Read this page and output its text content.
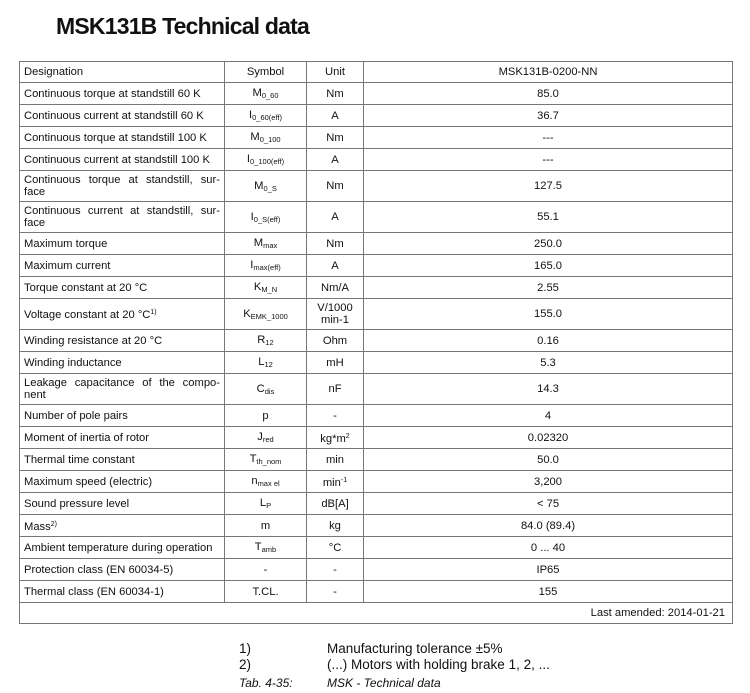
MSK131B Technical data
Designation	Symbol	Unit	MSK131B-0200-NN
Continuous torque at standstill 60 K	$M_{0\_60}$	Nm	85.0
Continuous current at standstill 60 K	$I_{0\_60(eff)}$	A	36.7
Continuous torque at standstill 100 K	$M_{0\_100}$	Nm	---
Continuous current at standstill 100 K	$I_{0\_100(eff)}$	A	---
Continuous torque at standstill, sur-face	$M_{0\_S}$	Nm	127.5
Continuous current at standstill, sur-face	$I_{0\_S(eff)}$	A	55.1
Maximum torque	$M_{max}$	Nm	250.0
Maximum current	$I_{max(eff)}$	A	165.0
Torque constant at 20 °C	$K_{M\_N}$	Nm/A	2.55
Voltage constant at 20 $^\circ C^{1)}$	$K_{EMK\_1000}$	V/1000 min-1	155.0
Winding resistance at 20 °C	$R_{12}$	Ohm	0.16
Winding inductance	$L_{12}$	mH	5.3
Leakage capacitance of the compo-nent	$C_{dis}$	nF	14.3
Number of pole pairs	p	-	4
Moment of inertia of rotor	$J_{red}$	$kg*m^2$	0.02320
Thermal time constant	$T_{th\_nom}$	min	50.0
Maximum speed (electric)	$n_{max el}$	$\min^{-1}$	3,200
Sound pressure level	$L_P$	dB[A]	< 75
Mass$^{2)}$	m	kg	84.0 (89.4)
Ambient temperature during operation	$T_{amb}$	°C	0 ... 40
Protection class (EN 60034-5)	-	-	IP65
Thermal class (EN 60034-1)	T.CL.	-	155
Last amended: 2014-01-21			
1)	Manufacturing tolerance ±5%
2)	(...) Motors with holding brake 1, 2, ...
Tab. 4-35:	MSK - Technical data
